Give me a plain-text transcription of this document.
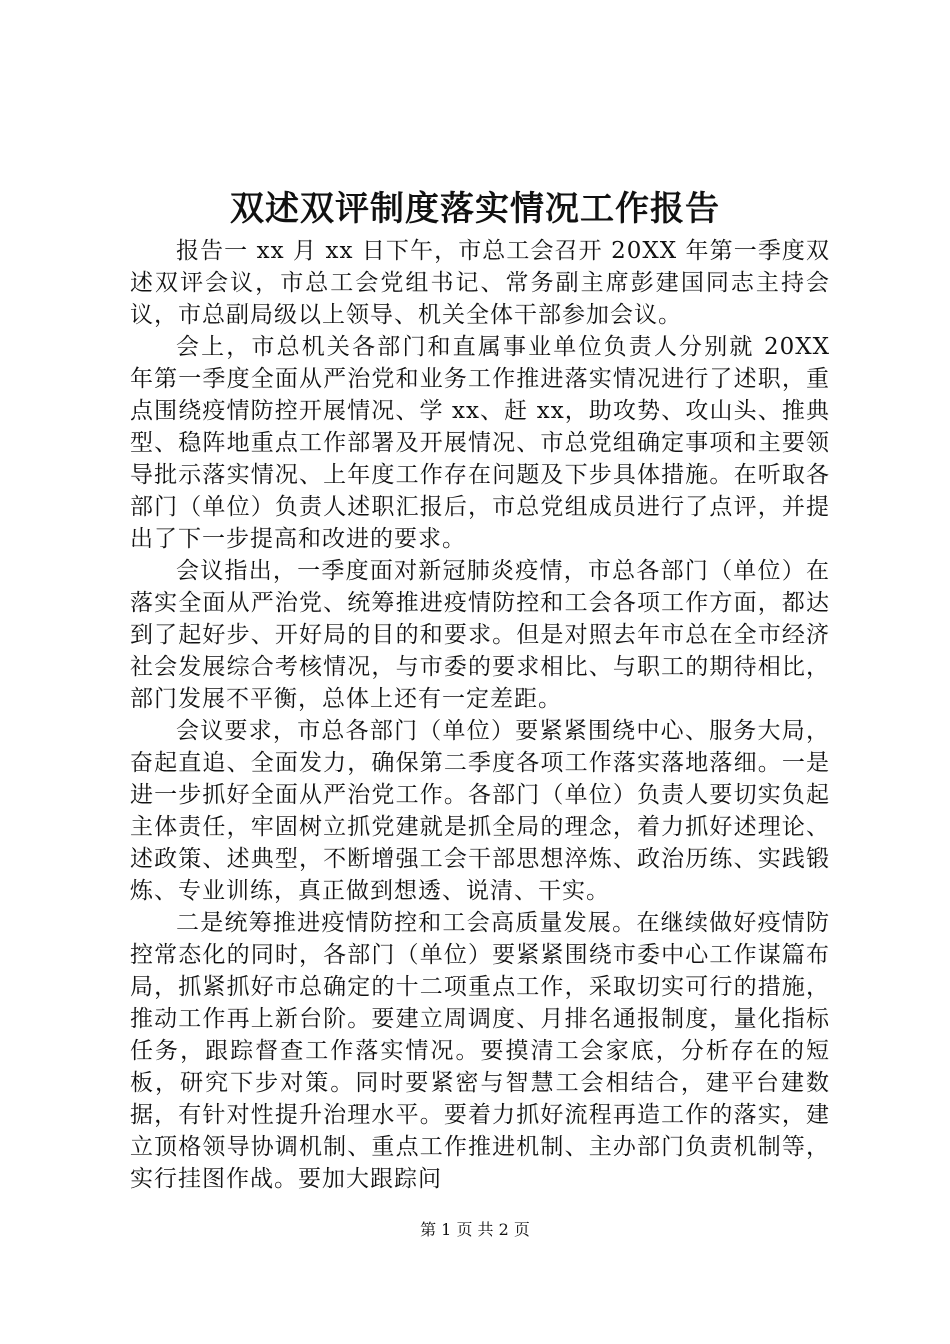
双述双评制度落实情况工作报告

报告一 xx 月 xx 日下午，市总工会召开 20XX 年第一季度双述双评会议，市总工会党组书记、常务副主席彭建国同志主持会议，市总副局级以上领导、机关全体干部参加会议。

会上，市总机关各部门和直属事业单位负责人分别就 20XX 年第一季度全面从严治党和业务工作推进落实情况进行了述职，重点围绕疫情防控开展情况、学 xx、赶 xx，助攻势、攻山头、推典型、稳阵地重点工作部署及开展情况、市总党组确定事项和主要领导批示落实情况、上年度工作存在问题及下步具体措施。在听取各部门（单位）负责人述职汇报后，市总党组成员进行了点评，并提出了下一步提高和改进的要求。

会议指出，一季度面对新冠肺炎疫情，市总各部门（单位）在落实全面从严治党、统筹推进疫情防控和工会各项工作方面，都达到了起好步、开好局的目的和要求。但是对照去年市总在全市经济社会发展综合考核情况，与市委的要求相比、与职工的期待相比，部门发展不平衡，总体上还有一定差距。

会议要求，市总各部门（单位）要紧紧围绕中心、服务大局，奋起直追、全面发力，确保第二季度各项工作落实落地落细。一是进一步抓好全面从严治党工作。各部门（单位）负责人要切实负起主体责任，牢固树立抓党建就是抓全局的理念，着力抓好述理论、述政策、述典型，不断增强工会干部思想淬炼、政治历练、实践锻炼、专业训练，真正做到想透、说清、干实。

二是统筹推进疫情防控和工会高质量发展。在继续做好疫情防控常态化的同时，各部门（单位）要紧紧围绕市委中心工作谋篇布局，抓紧抓好市总确定的十二项重点工作，采取切实可行的措施，推动工作再上新台阶。要建立周调度、月排名通报制度，量化指标任务，跟踪督查工作落实情况。要摸清工会家底，分析存在的短板，研究下步对策。同时要紧密与智慧工会相结合，建平台建数据，有针对性提升治理水平。要着力抓好流程再造工作的落实，建立顶格领导协调机制、重点工作推进机制、主办部门负责机制等，实行挂图作战。要加大跟踪问

第 1 页 共 2 页
